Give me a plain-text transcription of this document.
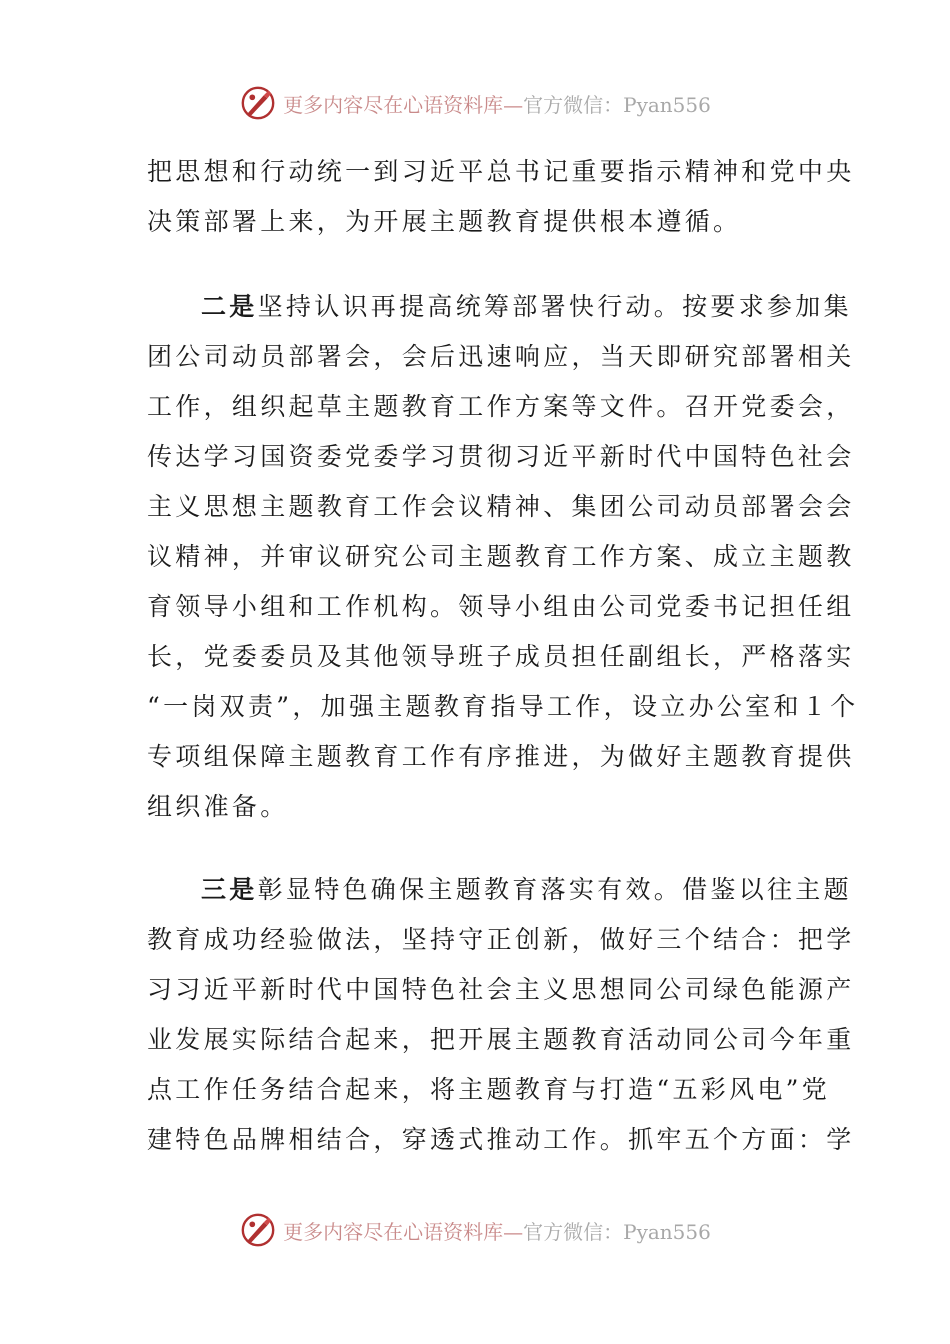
更多内容尽在心语资料库—官方微信：Pyan556
把思想和行动统一到习近平总书记重要指示精神和党中央
决策部署上来，为开展主题教育提供根本遵循。
二是坚持认识再提高统筹部署快行动。按要求参加集
团公司动员部署会，会后迅速响应，当天即研究部署相关
工作，组织起草主题教育工作方案等文件。召开党委会，
传达学习国资委党委学习贯彻习近平新时代中国特色社会
主义思想主题教育工作会议精神、集团公司动员部署会会
议精神，并审议研究公司主题教育工作方案、成立主题教
育领导小组和工作机构。领导小组由公司党委书记担任组
长，党委委员及其他领导班子成员担任副组长，严格落实
“一岗双责”，加强主题教育指导工作，设立办公室和１个
专项组保障主题教育工作有序推进，为做好主题教育提供
组织准备。
三是彰显特色确保主题教育落实有效。借鉴以往主题
教育成功经验做法，坚持守正创新，做好三个结合：把学
习习近平新时代中国特色社会主义思想同公司绿色能源产
业发展实际结合起来，把开展主题教育活动同公司今年重
点工作任务结合起来，将主题教育与打造“五彩风电”党
建特色品牌相结合，穿透式推动工作。抓牢五个方面：学
更多内容尽在心语资料库—官方微信：Pyan556
